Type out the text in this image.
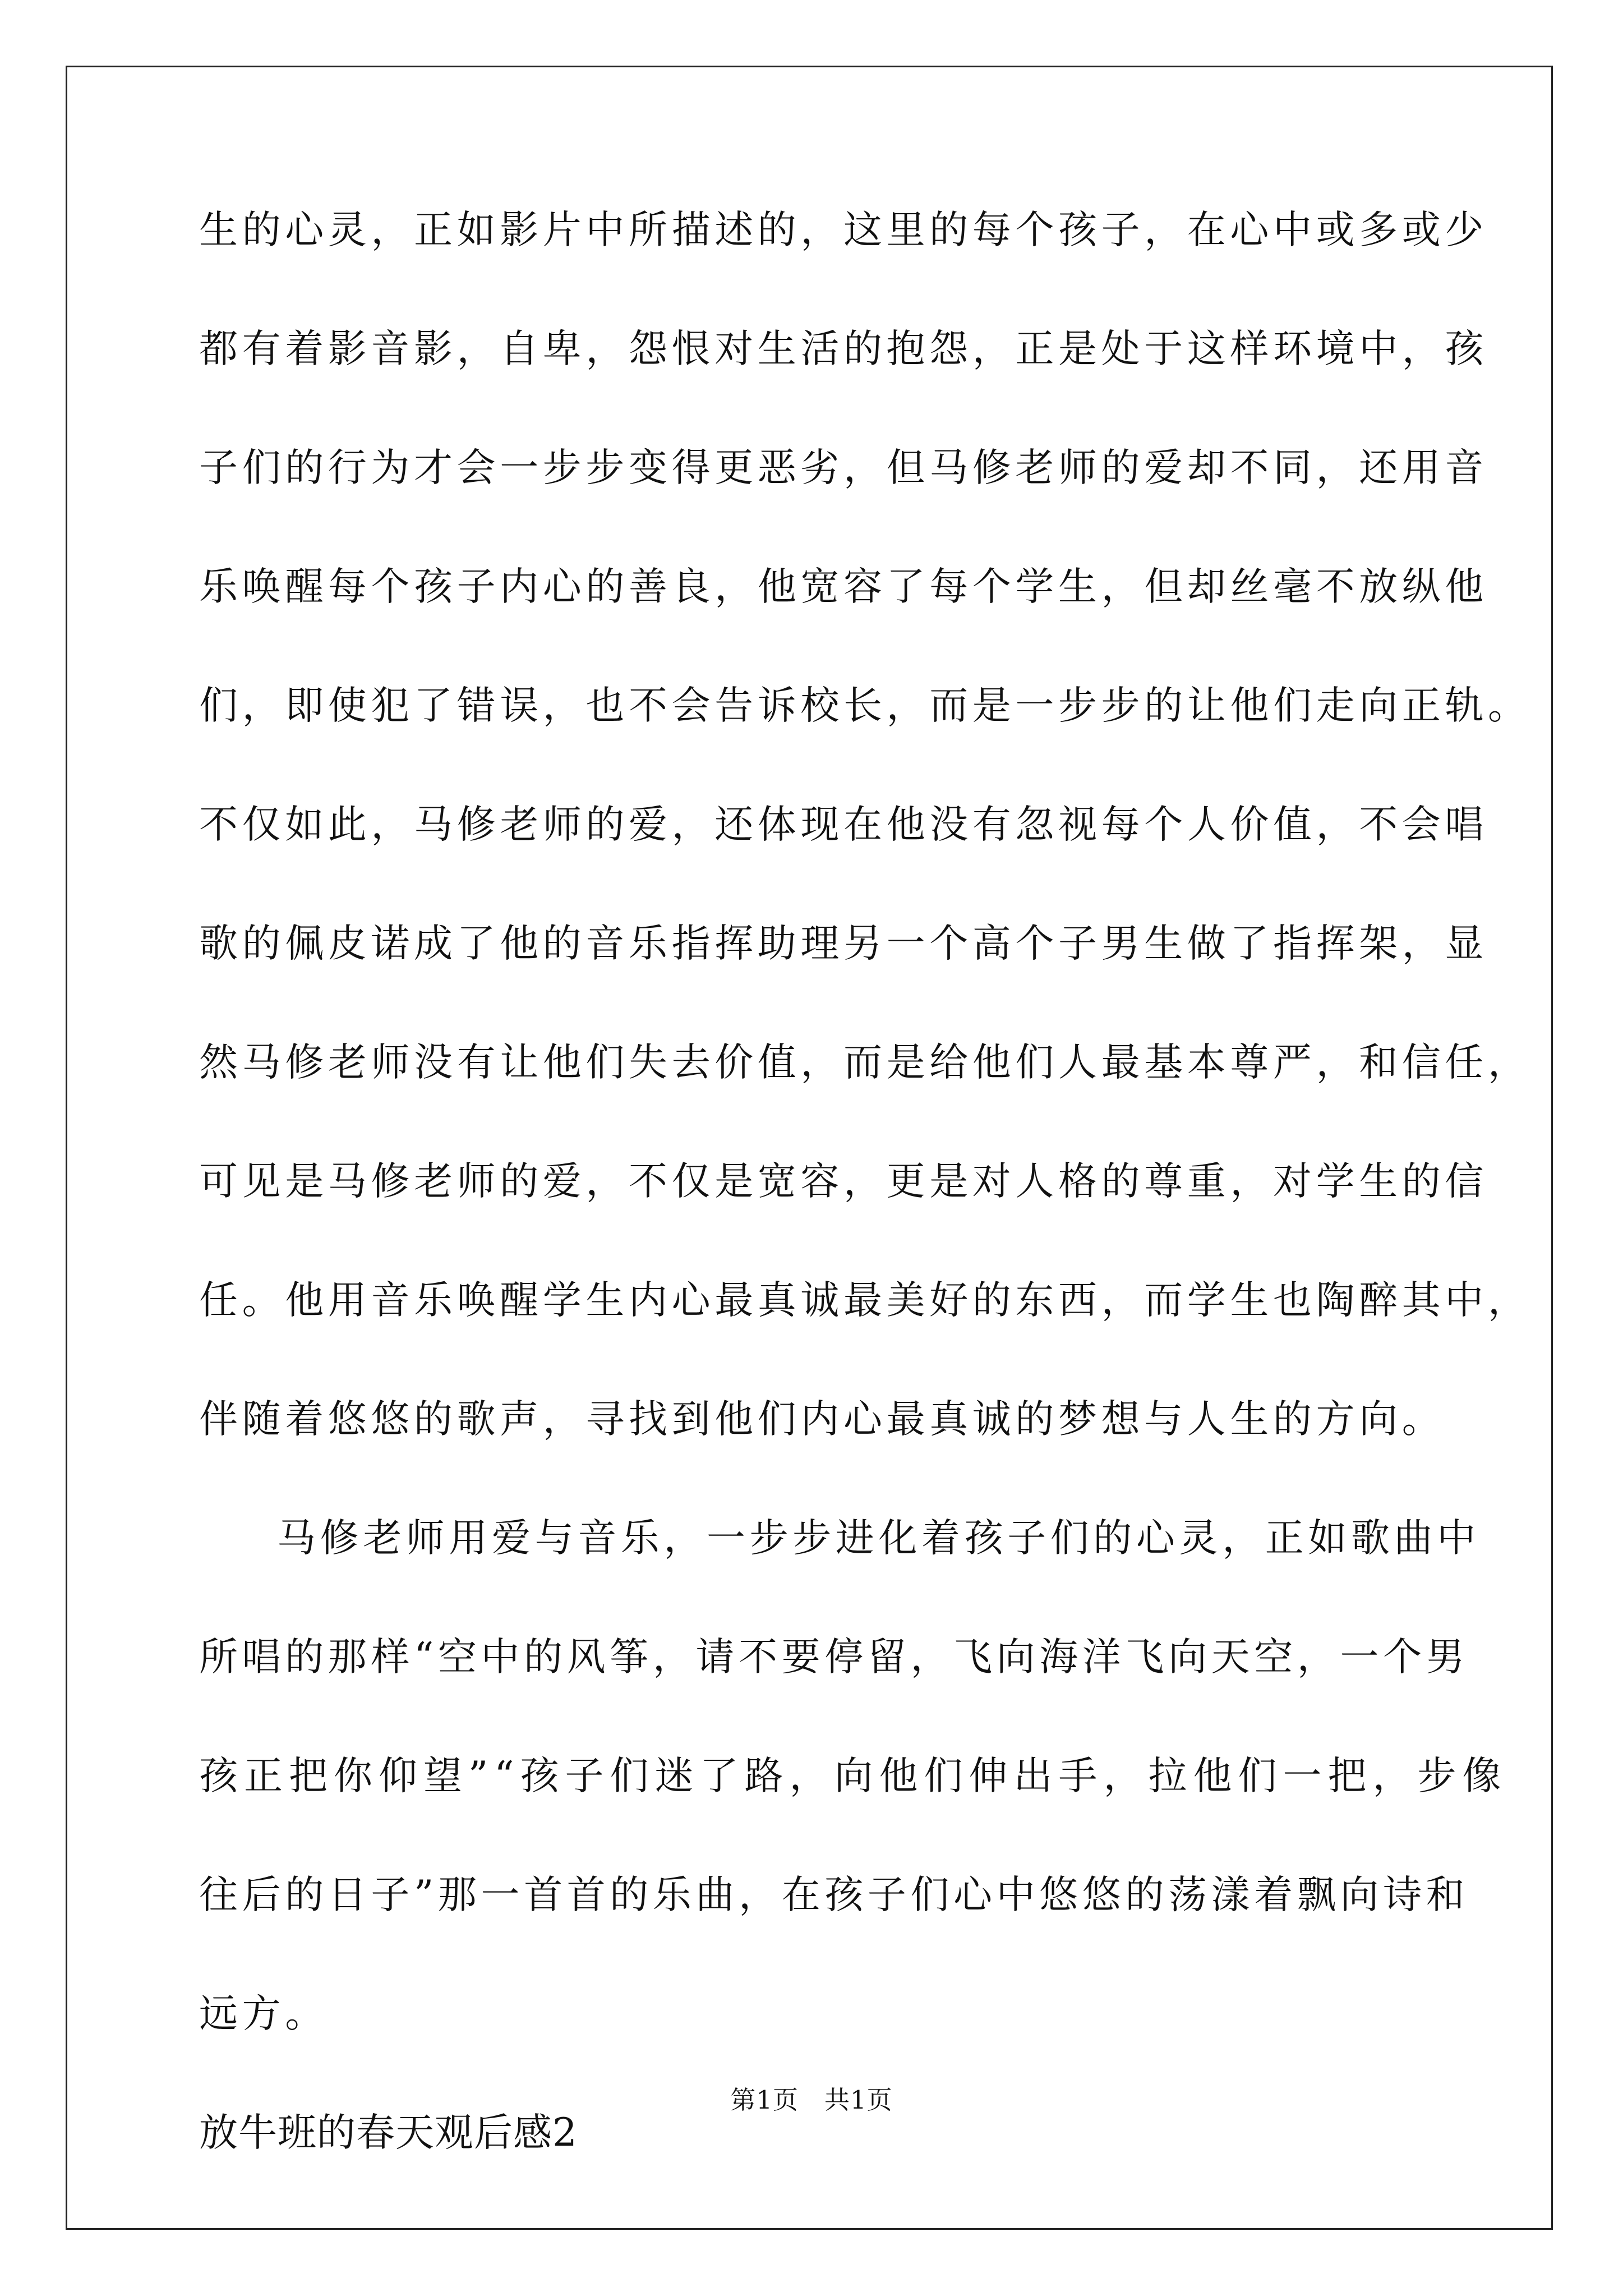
生的心灵，正如影片中所描述的，这里的每个孩子，在心中或多或少
都有着影音影，自卑，怨恨对生活的抱怨，正是处于这样环境中，孩
子们的行为才会一步步变得更恶劣，但马修老师的爱却不同，还用音
乐唤醒每个孩子内心的善良，他宽容了每个学生，但却丝毫不放纵他
们，即使犯了错误，也不会告诉校长，而是一步步的让他们走向正轨。
不仅如此，马修老师的爱，还体现在他没有忽视每个人价值，不会唱
歌的佩皮诺成了他的音乐指挥助理另一个高个子男生做了指挥架，显
然马修老师没有让他们失去价值，而是给他们人最基本尊严，和信任，
可见是马修老师的爱，不仅是宽容，更是对人格的尊重，对学生的信
任。他用音乐唤醒学生内心最真诚最美好的东西，而学生也陶醉其中，
伴随着悠悠的歌声，寻找到他们内心最真诚的梦想与人生的方向。
马修老师用爱与音乐，一步步进化着孩子们的心灵，正如歌曲中
所唱的那样“空中的风筝，请不要停留，飞向海洋飞向天空，一个男
孩正把你仰望”“孩子们迷了路，向他们伸出手，拉他们一把，步像
往后的日子”那一首首的乐曲，在孩子们心中悠悠的荡漾着飘向诗和
远方。
放牛班的春天观后感2
第1页   共1页
